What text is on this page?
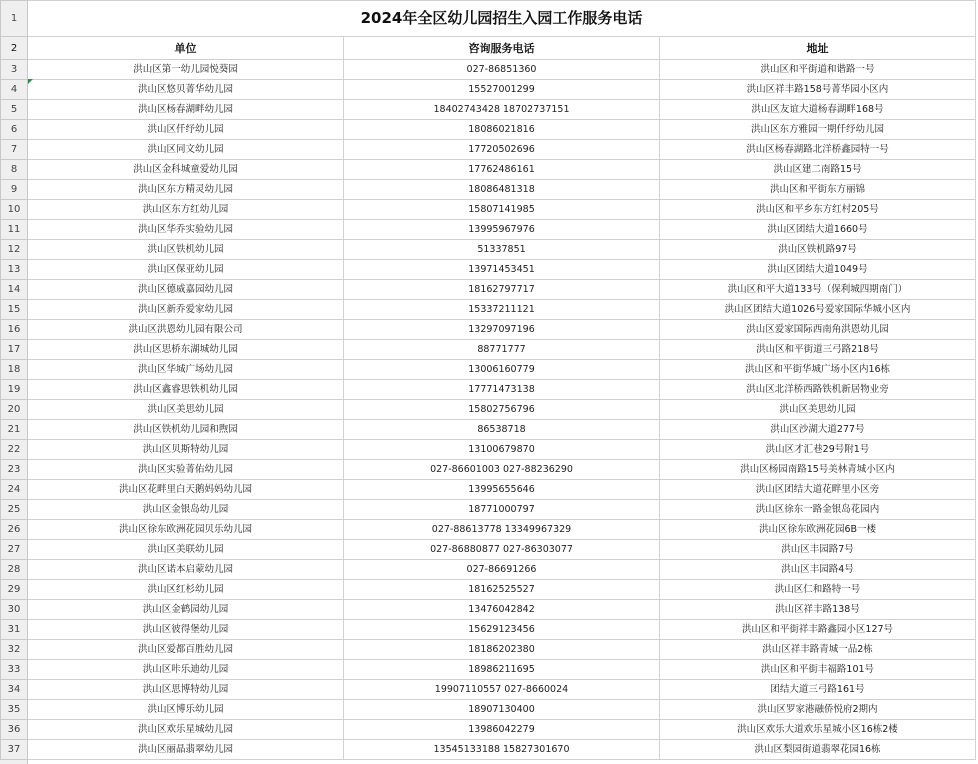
1	2024年全区幼儿园招生入园工作服务电话		
2	单位	咨询服务电话	地址
3	洪山区第一幼儿园悦葵园	027-86851360	洪山区和平街道和谐路一号
4	洪山区悠贝菁华幼儿园	15527001299	洪山区祥丰路158号菁华园小区内
5	洪山区杨春湖畔幼儿园	18402743428 18702737151	洪山区友谊大道杨春湖畔168号
6	洪山区仟纾幼儿园	18086021816	洪山区东方雅园一期仟纾幼儿园
7	洪山区同文幼儿园	17720502696	洪山区杨春湖路北洋桥鑫园特一号
8	洪山区金科城童爱幼儿园	17762486161	洪山区建二南路15号
9	洪山区东方精灵幼儿园	18086481318	洪山区和平街东方丽锦
10	洪山区东方红幼儿园	15807141985	洪山区和平乡东方红村205号
11	洪山区华乔实验幼儿园	13995967976	洪山区团结大道1660号
12	洪山区铁机幼儿园	51337851	洪山区铁机路97号
13	洪山区保亚幼儿园	13971453451	洪山区团结大道1049号
14	洪山区德威嘉园幼儿园	18162797717	洪山区和平大道133号（保利城四期南门）
15	洪山区新乔爱家幼儿园	15337211121	洪山区团结大道1026号爱家国际华城小区内
16	洪山区洪恩幼儿园有限公司	13297097196	洪山区爱家国际西南角洪恩幼儿园
17	洪山区思桥东湖城幼儿园	88771777	洪山区和平街道三弓路218号
18	洪山区华城广场幼儿园	13006160779	洪山区和平街华城广场小区内16栋
19	洪山区鑫睿思铁机幼儿园	17771473138	洪山区北洋桥西路铁机新居物业旁
20	洪山区美思幼儿园	15802756796	洪山区美思幼儿园
21	洪山区铁机幼儿园和煦园	86538718	洪山区沙湖大道277号
22	洪山区贝斯特幼儿园	13100679870	洪山区才汇巷29号附1号
23	洪山区实验菁佑幼儿园	027-86601003 027-88236290	洪山区杨园南路15号美林青城小区内
24	洪山区花畔里白天鹅妈妈幼儿园	13995655646	洪山区团结大道花畔里小区旁
25	洪山区金银岛幼儿园	18771000797	洪山区徐东一路金银岛花园内
26	洪山区徐东欧洲花园贝乐幼儿园	027-88613778 13349967329	洪山区徐东欧洲花园6B一楼
27	洪山区美联幼儿园	027-86880877 027-86303077	洪山区丰园路7号
28	洪山区诺本启蒙幼儿园	027-86691266	洪山区丰园路4号
29	洪山区红杉幼儿园	18162525527	洪山区仁和路特一号
30	洪山区金鹤园幼儿园	13476042842	洪山区祥丰路138号
31	洪山区彼得堡幼儿园	15629123456	洪山区和平街祥丰路鑫园小区127号
32	洪山区爱都百胜幼儿园	18186202380	洪山区祥丰路青城一品2栋
33	洪山区咔乐迪幼儿园	18986211695	洪山区和平街丰福路101号
34	洪山区思博特幼儿园	19907110557 027-8660024	团结大道三弓路161号
35	洪山区博乐幼儿园	18907130400	洪山区罗家港融侨悦府2期内
36	洪山区欢乐星城幼儿园	13986042279	洪山区欢乐大道欢乐星城小区16栋2楼
37	洪山区丽晶翡翠幼儿园	13545133188 15827301670	洪山区梨园街道翡翠花园16栋
